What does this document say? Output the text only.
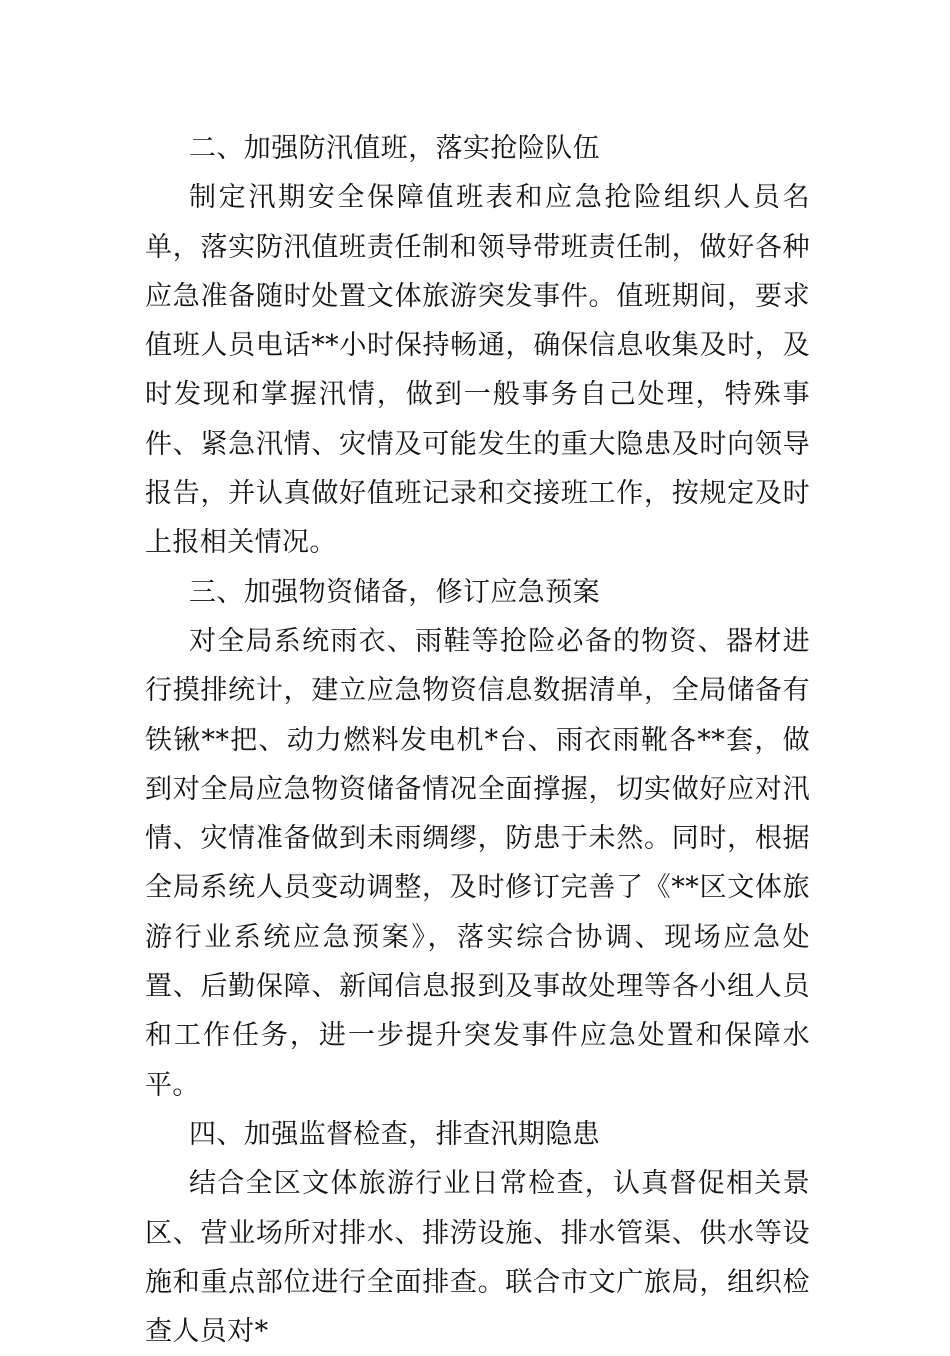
二、加强防汛值班，落实抢险队伍

制定汛期安全保障值班表和应急抢险组织人员名单，落实防汛值班责任制和领导带班责任制，做好各种应急准备随时处置文体旅游突发事件。值班期间，要求值班人员电话**小时保持畅通，确保信息收集及时，及时发现和掌握汛情，做到一般事务自己处理，特殊事件、紧急汛情、灾情及可能发生的重大隐患及时向领导报告，并认真做好值班记录和交接班工作，按规定及时上报相关情况。

三、加强物资储备，修订应急预案

对全局系统雨衣、雨鞋等抢险必备的物资、器材进行摸排统计，建立应急物资信息数据清单，全局储备有铁锹**把、动力燃料发电机*台、雨衣雨靴各**套，做到对全局应急物资储备情况全面撑握，切实做好应对汛情、灾情准备做到未雨绸缪，防患于未然。同时，根据全局系统人员变动调整，及时修订完善了《**区文体旅游行业系统应急预案》，落实综合协调、现场应急处置、后勤保障、新闻信息报到及事故处理等各小组人员和工作任务，进一步提升突发事件应急处置和保障水平。

四、加强监督检查，排查汛期隐患

结合全区文体旅游行业日常检查，认真督促相关景区、营业场所对排水、排涝设施、排水管渠、供水等设施和重点部位进行全面排查。联合市文广旅局，组织检查人员对*
